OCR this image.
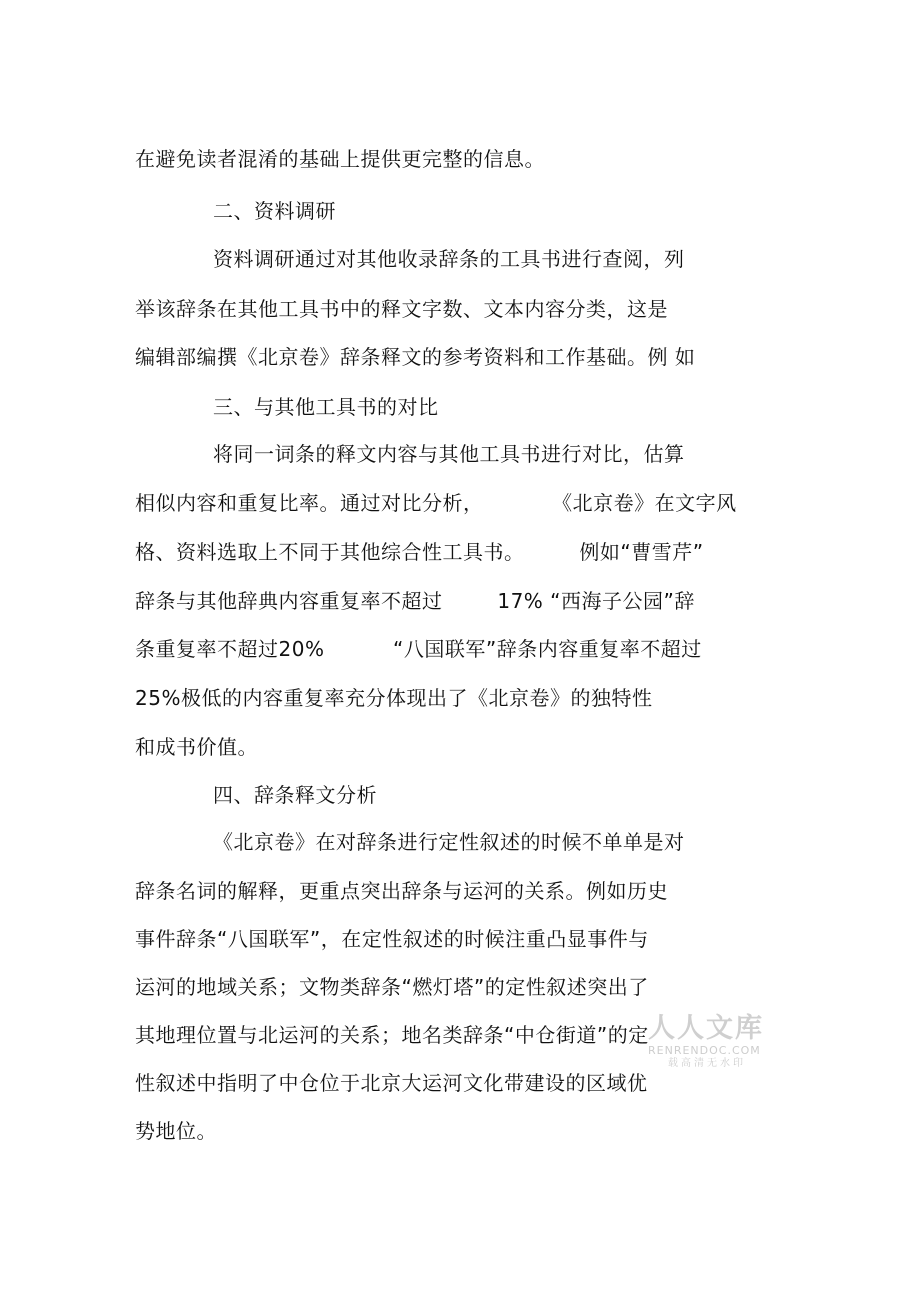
在避免读者混淆的基础上提供更完整的信息。
二、资料调研
资料调研通过对其他收录辞条的工具书进行查阅，列
举该辞条在其他工具书中的释文字数、文本内容分类，这是
编辑部编撰《北京卷》辞条释文的参考资料和工作基础。例 如
三、与其他工具书的对比
将同一词条的释文内容与其他工具书进行对比，估算
相似内容和重复比率。通过对比分析，          《北京卷》在文字风
格、资料选取上不同于其他综合性工具书。        例如“曹雪芹”
辞条与其他辞典内容重复率不超过        17% “西海子公园”辞
条重复率不超过20%          “八国联军”辞条内容重复率不超过
25%极低的内容重复率充分体现出了《北京卷》的独特性
和成书价值。
四、辞条释文分析
《北京卷》在对辞条进行定性叙述的时候不单单是对
辞条名词的解释，更重点突出辞条与运河的关系。例如历史
事件辞条“八国联军”，在定性叙述的时候注重凸显事件与
运河的地域关系；文物类辞条“燃灯塔”的定性叙述突出了
其地理位置与北运河的关系；地名类辞条“中仓街道”的定
性叙述中指明了中仓位于北京大运河文化带建设的区域优
势地位。
人人文库
RENRENDOC.COM
载高清无水印
